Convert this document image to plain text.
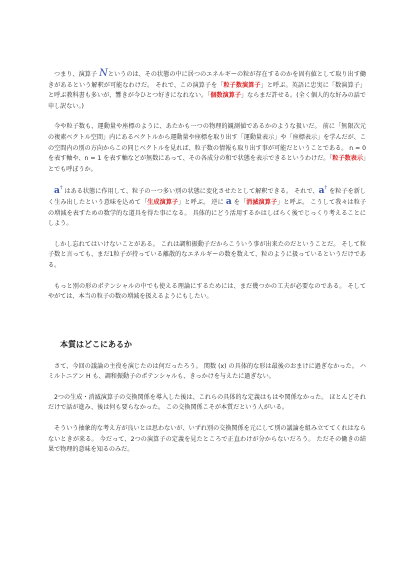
つまり、演算子 Nというのは、その状態の中に居つのエネルギーの粒が存在するのかを固有値として取り出す働きがあるという解釈が可能なわけだ。 それで、この演算子を「粒子数演算子」と呼ぶ。英語に忠実に「数演算子」と呼ぶ教科書も多いが、響きが今ひとつ好きになれない。「個数演算子」ならまだ許せる。(全く個人的な好みの話で申し訳ない。)

今や粒子数も、運動量や座標のように、あたかも一つの物理的観測値であるかのような扱いだ。 前に「無限次元の複素ベクトル空間」内にあるベクトルから運動量や座標を取り出す「運動量表示」や「座標表示」を学んだが、この空間内の別の方向からこの同じベクトルを見れば、粒子数の情報も取り出す事が可能だということである。 n = 0 を表す軸や、n = 1 を表す軸などが無数にあって、その各成分の和で状態を表示できるというわけだ。「粒子数表示」とでも呼ぼうか。

a† はある状態に作用して、粒子の一つ多い別の状態に変化させたとして解釈できる。 それで、a† を粒子を新しく生み出したという意味を込めて「生成演算子」と呼ぶ。 逆に a を「消滅演算子」と呼ぶ。 こうして我々は粒子の増減を表すための数学的な道具を得た事になる。 具体的にどう活用するかはしばらく後でじっくり考えることにしよう。

しかし忘れてはいけないことがある。 これは調和振動子だからこういう事が出来たのだということだ。 そして粒子数と言っても、まだ1粒子が持っている離散的なエネルギーの数を数えて、粒のように扱っているというだけである。

もっと別の形のポテンシャルの中でも使える理論にするためには、まだ幾つかの工夫が必要なのである。 そしてやがては、本当の粒子の数の増減を扱えるようにもしたい。

本質はどこにあるか

さて、今回の議論の主役を演じたのは何だったろう。 関数 (x) の具体的な形は最後のおまけに過ぎなかった。 ハミルトニアン H も、調和振動子のポテンシャルも、きっかけを与えたに過ぎない。

2つの生成・消滅演算子の交換関係を導入した後は、これらの具体的な定義はもはや関係なかった。 ほとんどそれだけで話が進み、後は何も要らなかった。 この交換関係こそが本質だという人がいる。

そういう抽象的な考え方が良いとは思わないが、いずれ別の交換関係を元にして別の議論を組み立ててくれはならないときが来る。 今だって、2つの演算子の定義を見たところで正直わけが分からないだろう。 ただその働きの結果で物理的意味を知るのみだ。
